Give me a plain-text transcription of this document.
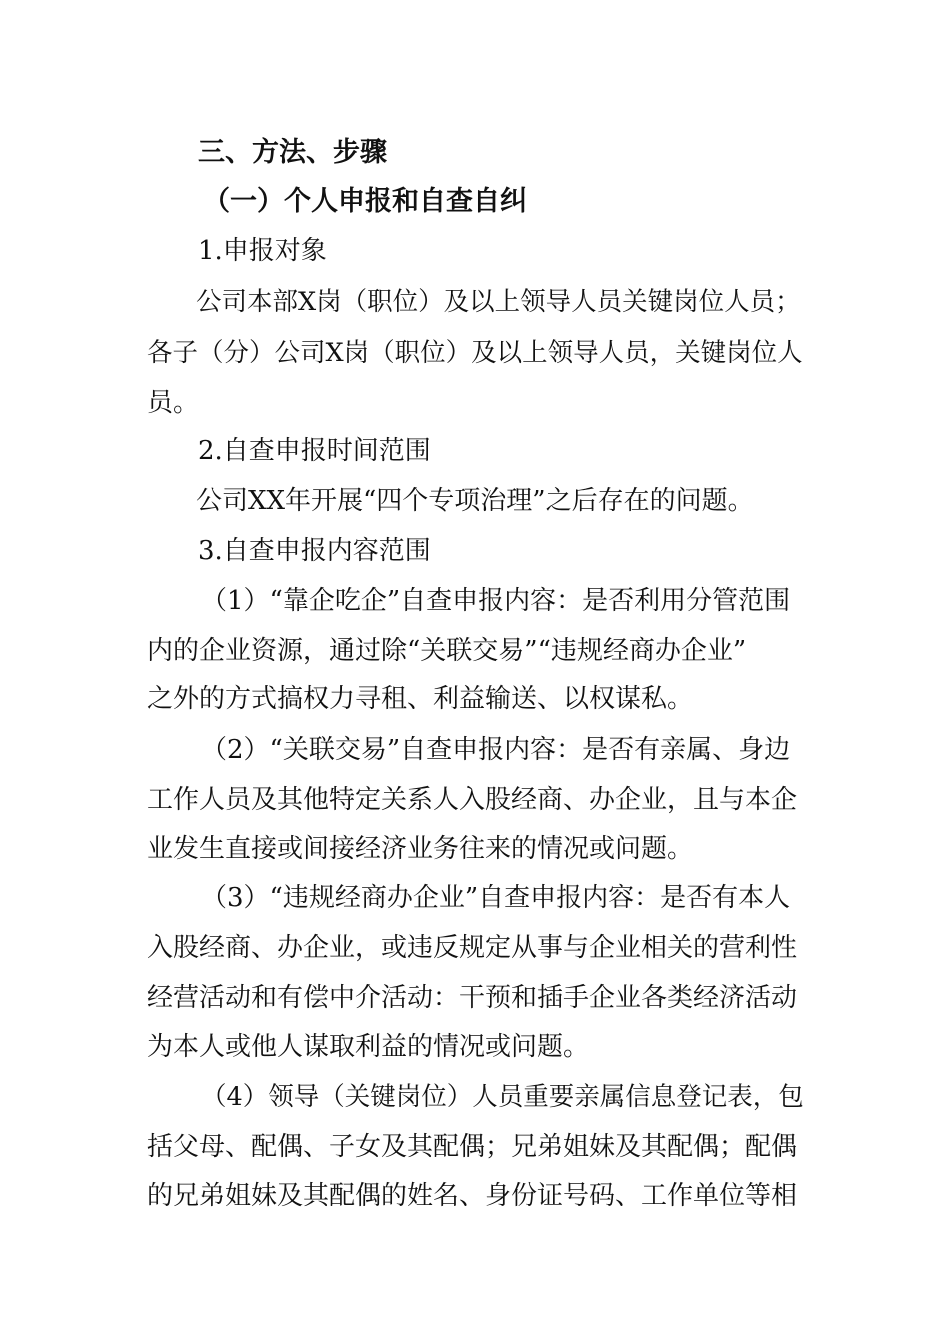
三、方法、步骤
（一）个人申报和自查自纠
1.申报对象
公司本部X岗（职位）及以上领导人员关键岗位人员；
各子（分）公司X岗（职位）及以上领导人员，关键岗位人
员。
2.自查申报时间范围
公司XX年开展“四个专项治理”之后存在的问题。
3.自查申报内容范围
（1）“靠企吃企”自查申报内容：是否利用分管范围
内的企业资源，通过除“关联交易”“违规经商办企业”
之外的方式搞权力寻租、利益输送、以权谋私。
（2）“关联交易”自查申报内容：是否有亲属、身边
工作人员及其他特定关系人入股经商、办企业，且与本企
业发生直接或间接经济业务往来的情况或问题。
（3）“违规经商办企业”自查申报内容：是否有本人
入股经商、办企业，或违反规定从事与企业相关的营利性
经营活动和有偿中介活动：干预和插手企业各类经济活动
为本人或他人谋取利益的情况或问题。
（4）领导（关键岗位）人员重要亲属信息登记表，包
括父母、配偶、子女及其配偶；兄弟姐妹及其配偶；配偶
的兄弟姐妹及其配偶的姓名、身份证号码、工作单位等相
